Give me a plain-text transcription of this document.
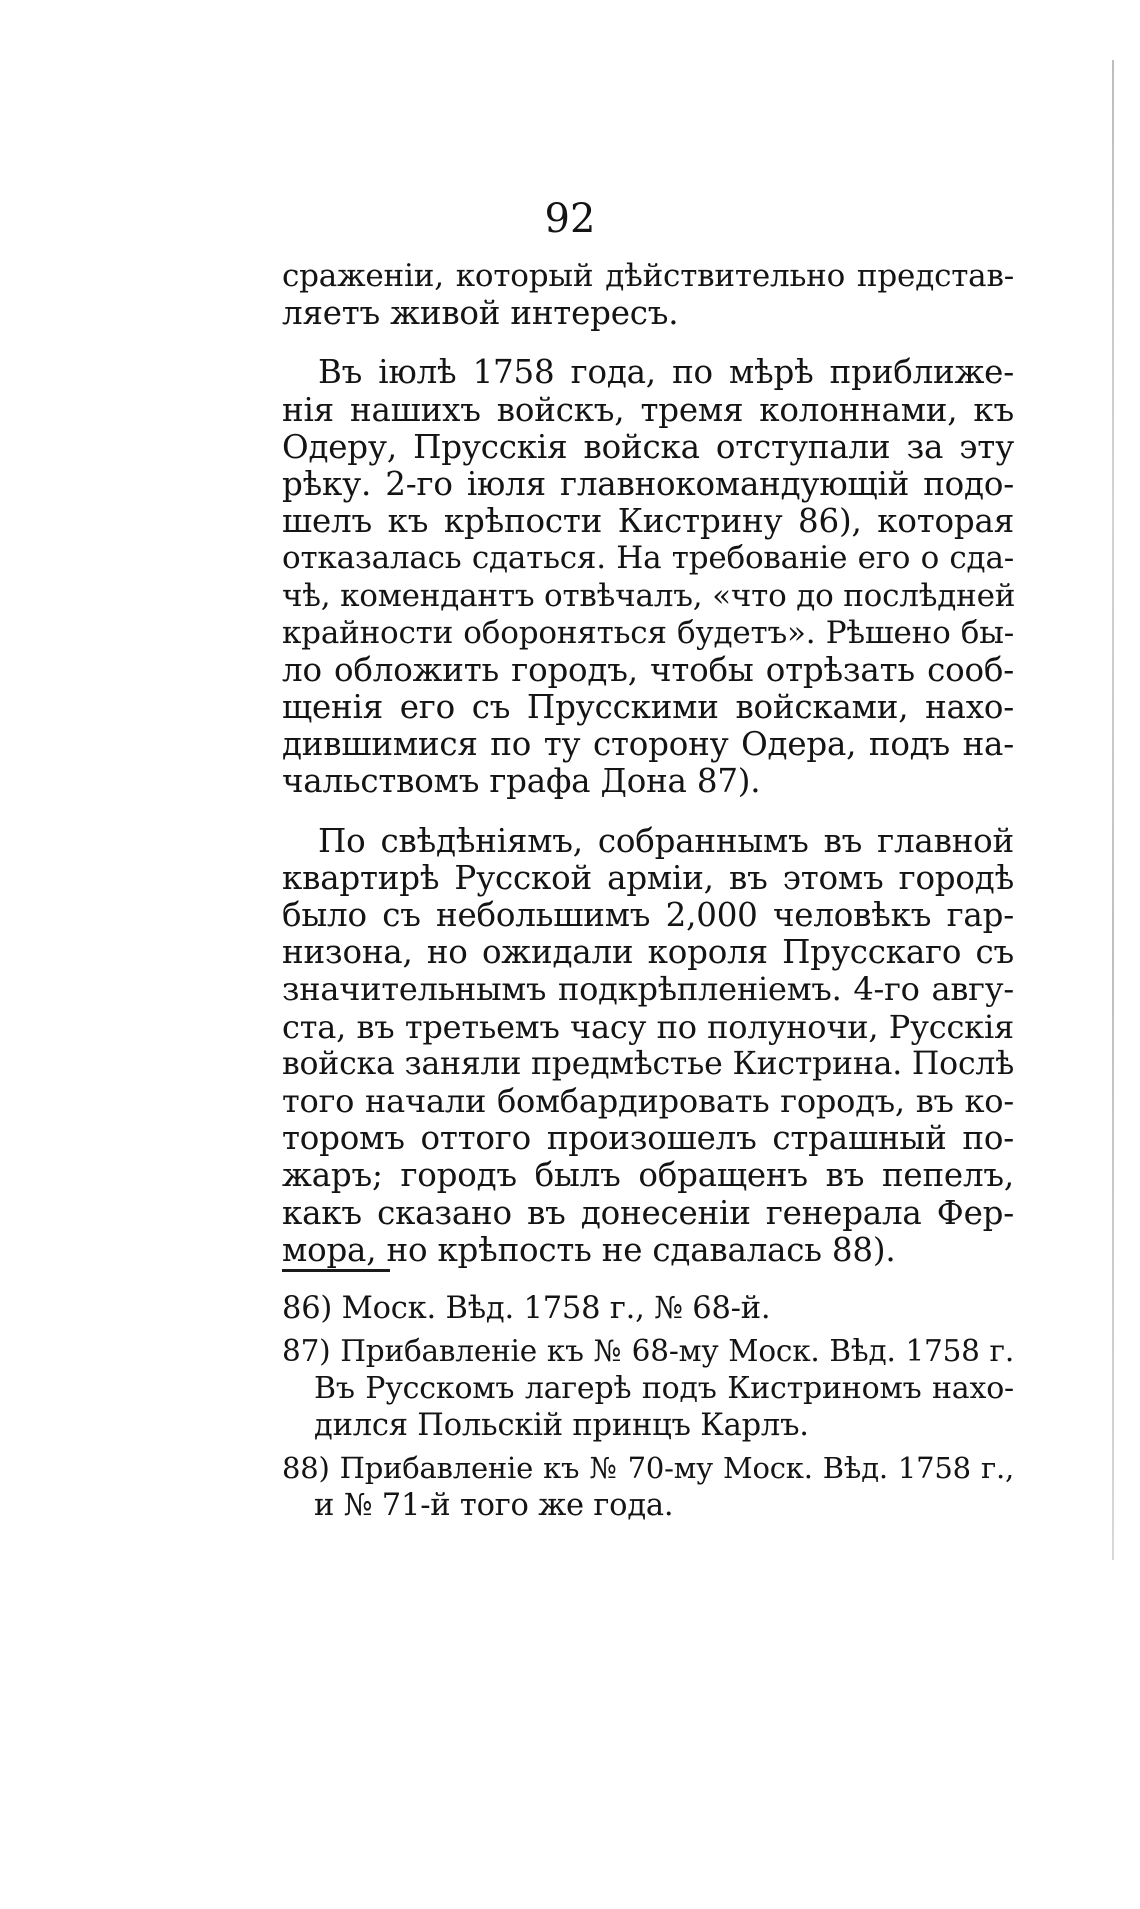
92
сраженіи, который дѣйствительно представ-
ляетъ живой интересъ.
Въ іюлѣ 1758 года, по мѣрѣ приближе-
нія нашихъ войскъ, тремя колоннами, къ
Одеру, Прусскія войска отступали за эту
рѣку. 2-го іюля главнокомандующій подо-
шелъ къ крѣпости Кистрину 86), которая
отказалась сдаться. На требованіе его о сда-
чѣ, комендантъ отвѣчалъ, «что до послѣдней
крайности обороняться будетъ». Рѣшено бы-
ло обложить городъ, чтобы отрѣзать сооб-
щенія его съ Прусскими войсками, нахо-
дившимися по ту сторону Одера, подъ на-
чальствомъ графа Дона 87).
По свѣдѣніямъ, собраннымъ въ главной
квартирѣ Русской арміи, въ этомъ городѣ
было съ небольшимъ 2,000 человѣкъ гар-
низона, но ожидали короля Прусскаго съ
значительнымъ подкрѣпленіемъ. 4-го авгу-
ста, въ третьемъ часу по полуночи, Русскія
войска заняли предмѣстье Кистрина. Послѣ
того начали бомбардировать городъ, въ ко-
торомъ оттого произошелъ страшный по-
жаръ; городъ былъ обращенъ въ пепелъ,
какъ сказано въ донесеніи генерала Фер-
мора, но крѣпость не сдавалась 88).
86) Моск. Вѣд. 1758 г., № 68-й.
87) Прибавленіе къ № 68-му Моск. Вѣд. 1758 г.
Въ Русскомъ лагерѣ подъ Кистриномъ нахо-
дился Польскій принцъ Карлъ.
88) Прибавленіе къ № 70-му Моск. Вѣд. 1758 г.,
и № 71-й того же года.
